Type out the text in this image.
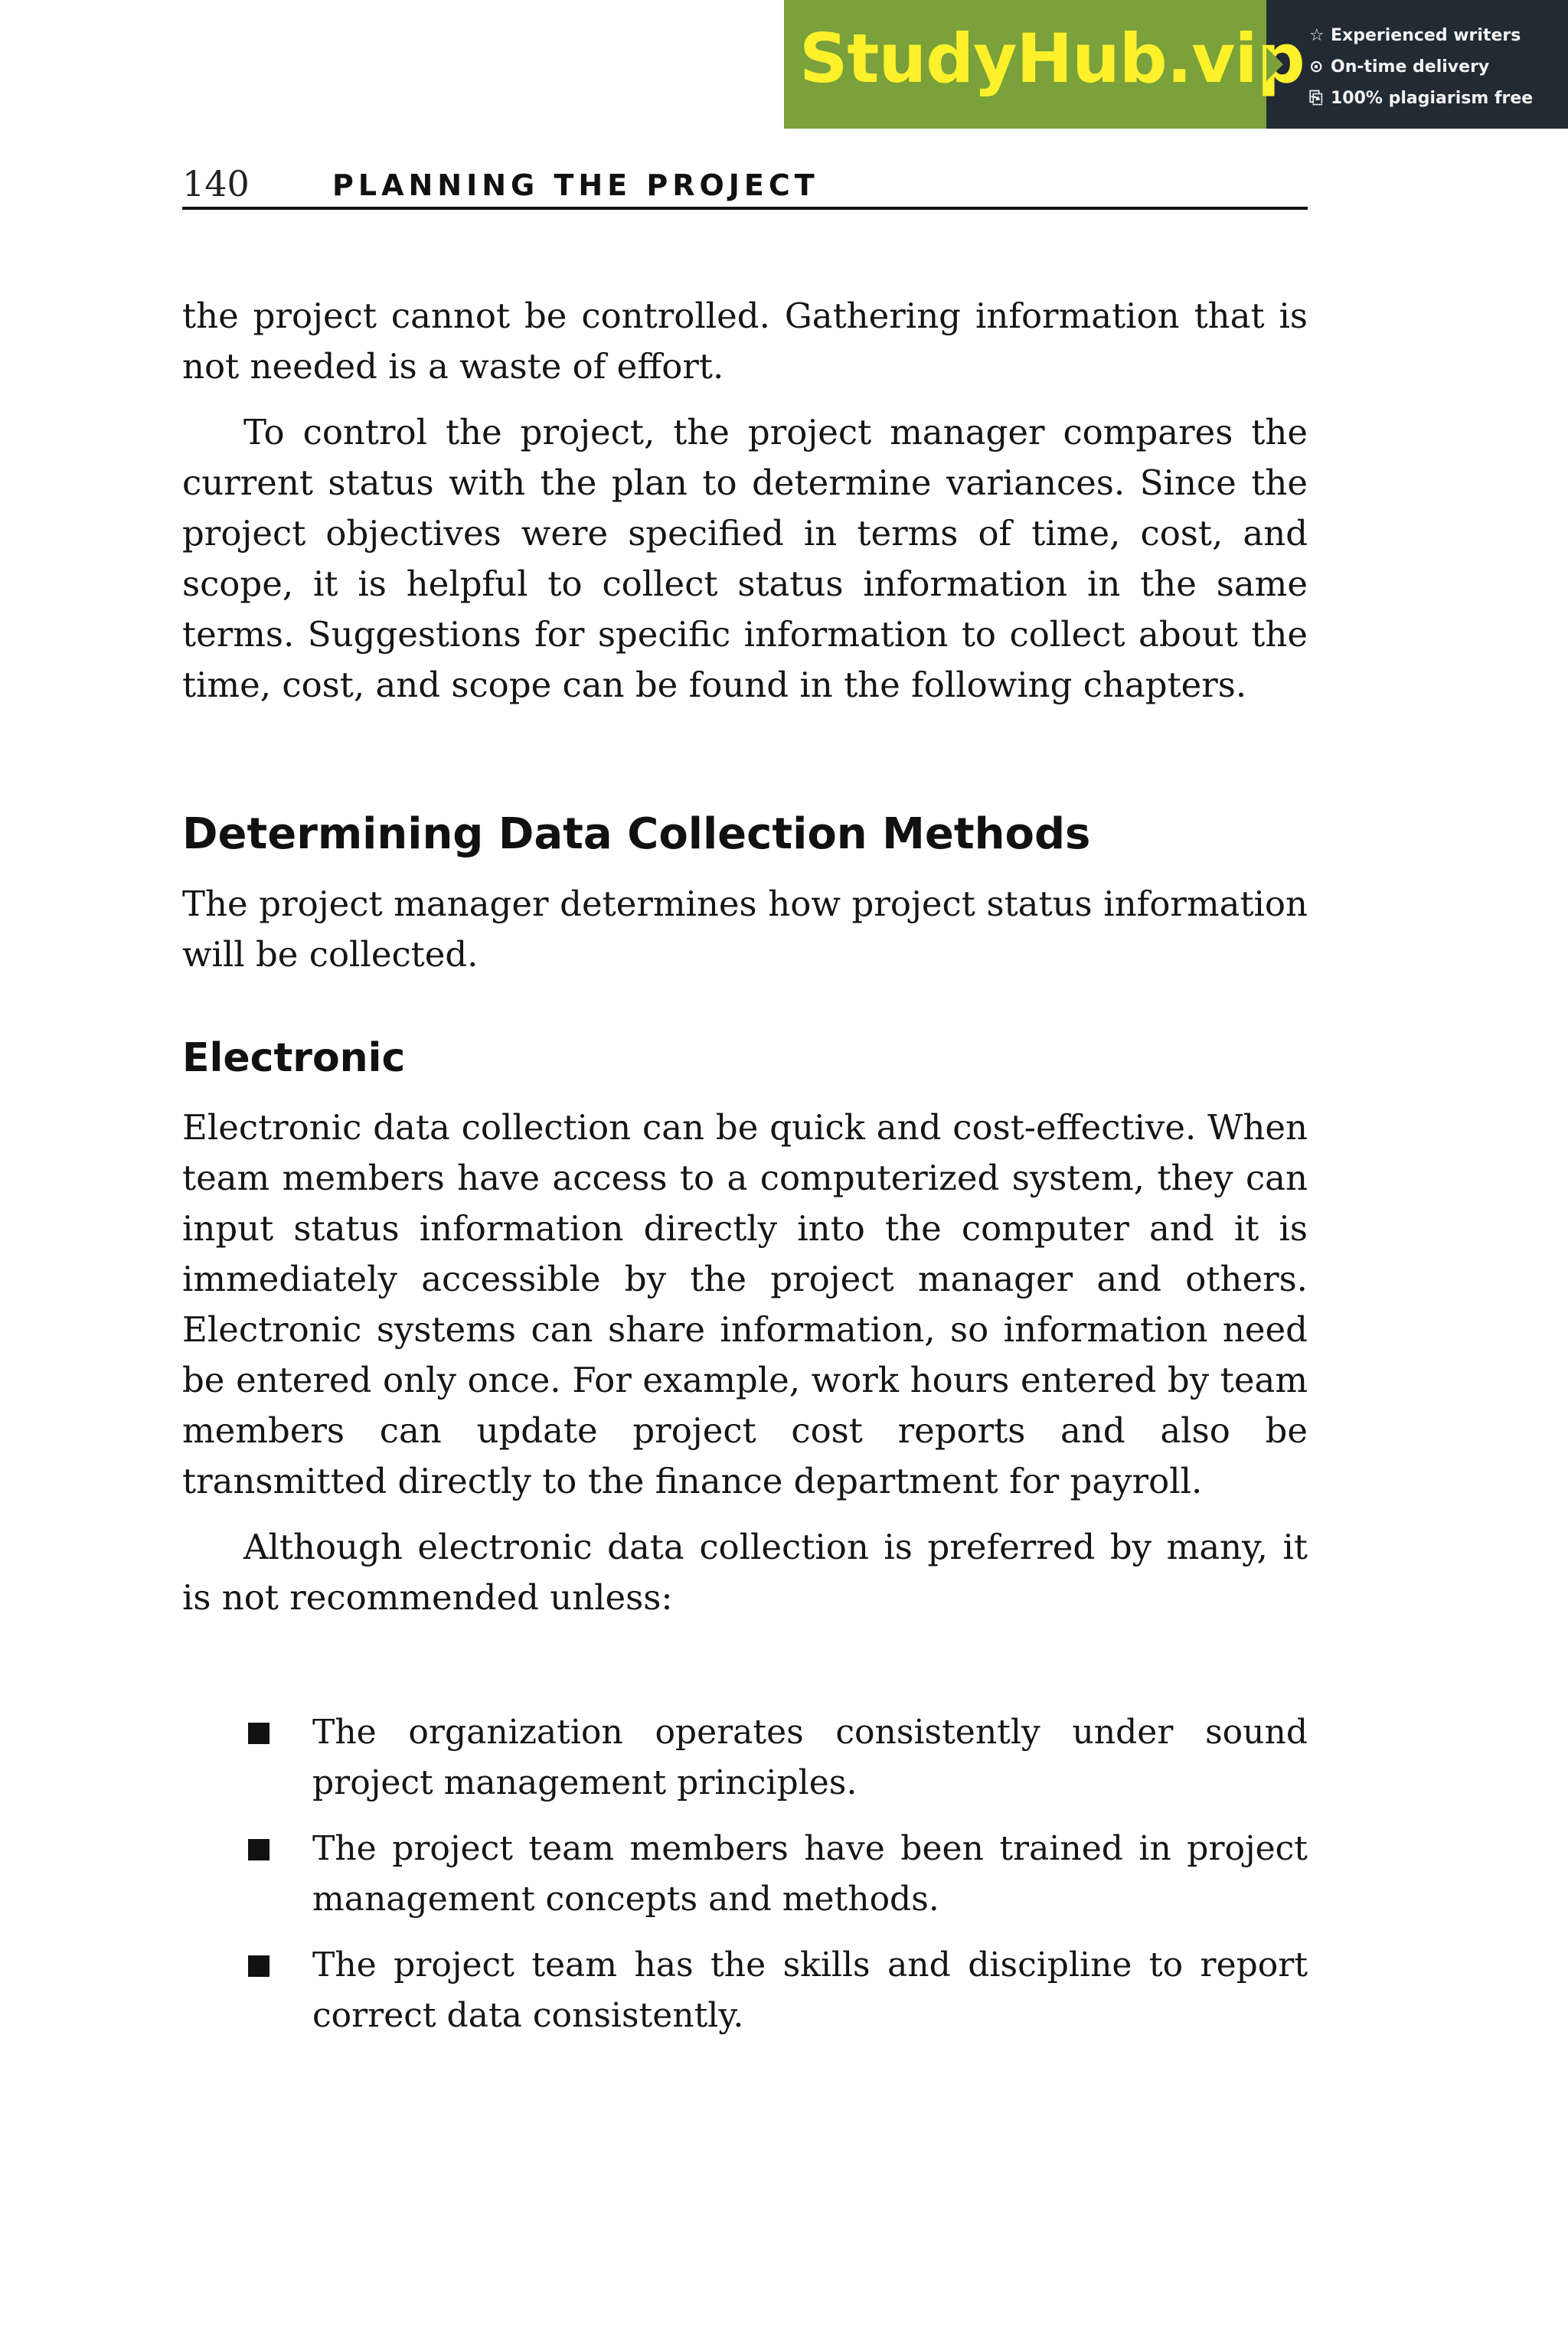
StudyHub.vip ☆ Experienced writers
⊙ On-time delivery
⎘ 100% plagiarism free
140	PLANNING THE PROJECT

the project cannot be controlled. Gathering information that is not needed is a waste of effort.

To control the project, the project manager compares the current status with the plan to determine variances. Since the project objectives were specified in terms of time, cost, and scope, it is helpful to collect status information in the same terms. Suggestions for specific information to collect about the time, cost, and scope can be found in the following chapters.

Determining Data Collection Methods

The project manager determines how project status information will be collected.

Electronic

Electronic data collection can be quick and cost-effective. When team members have access to a computerized system, they can input status information directly into the computer and it is immediately accessible by the project manager and others. Electronic systems can share information, so information need be entered only once. For example, work hours entered by team members can update project cost reports and also be transmitted directly to the finance department for payroll.

Although electronic data collection is preferred by many, it is not recommended unless:

The organization operates consistently under sound project management principles.
The project team members have been trained in project management concepts and methods.
The project team has the skills and discipline to report correct data consistently.
